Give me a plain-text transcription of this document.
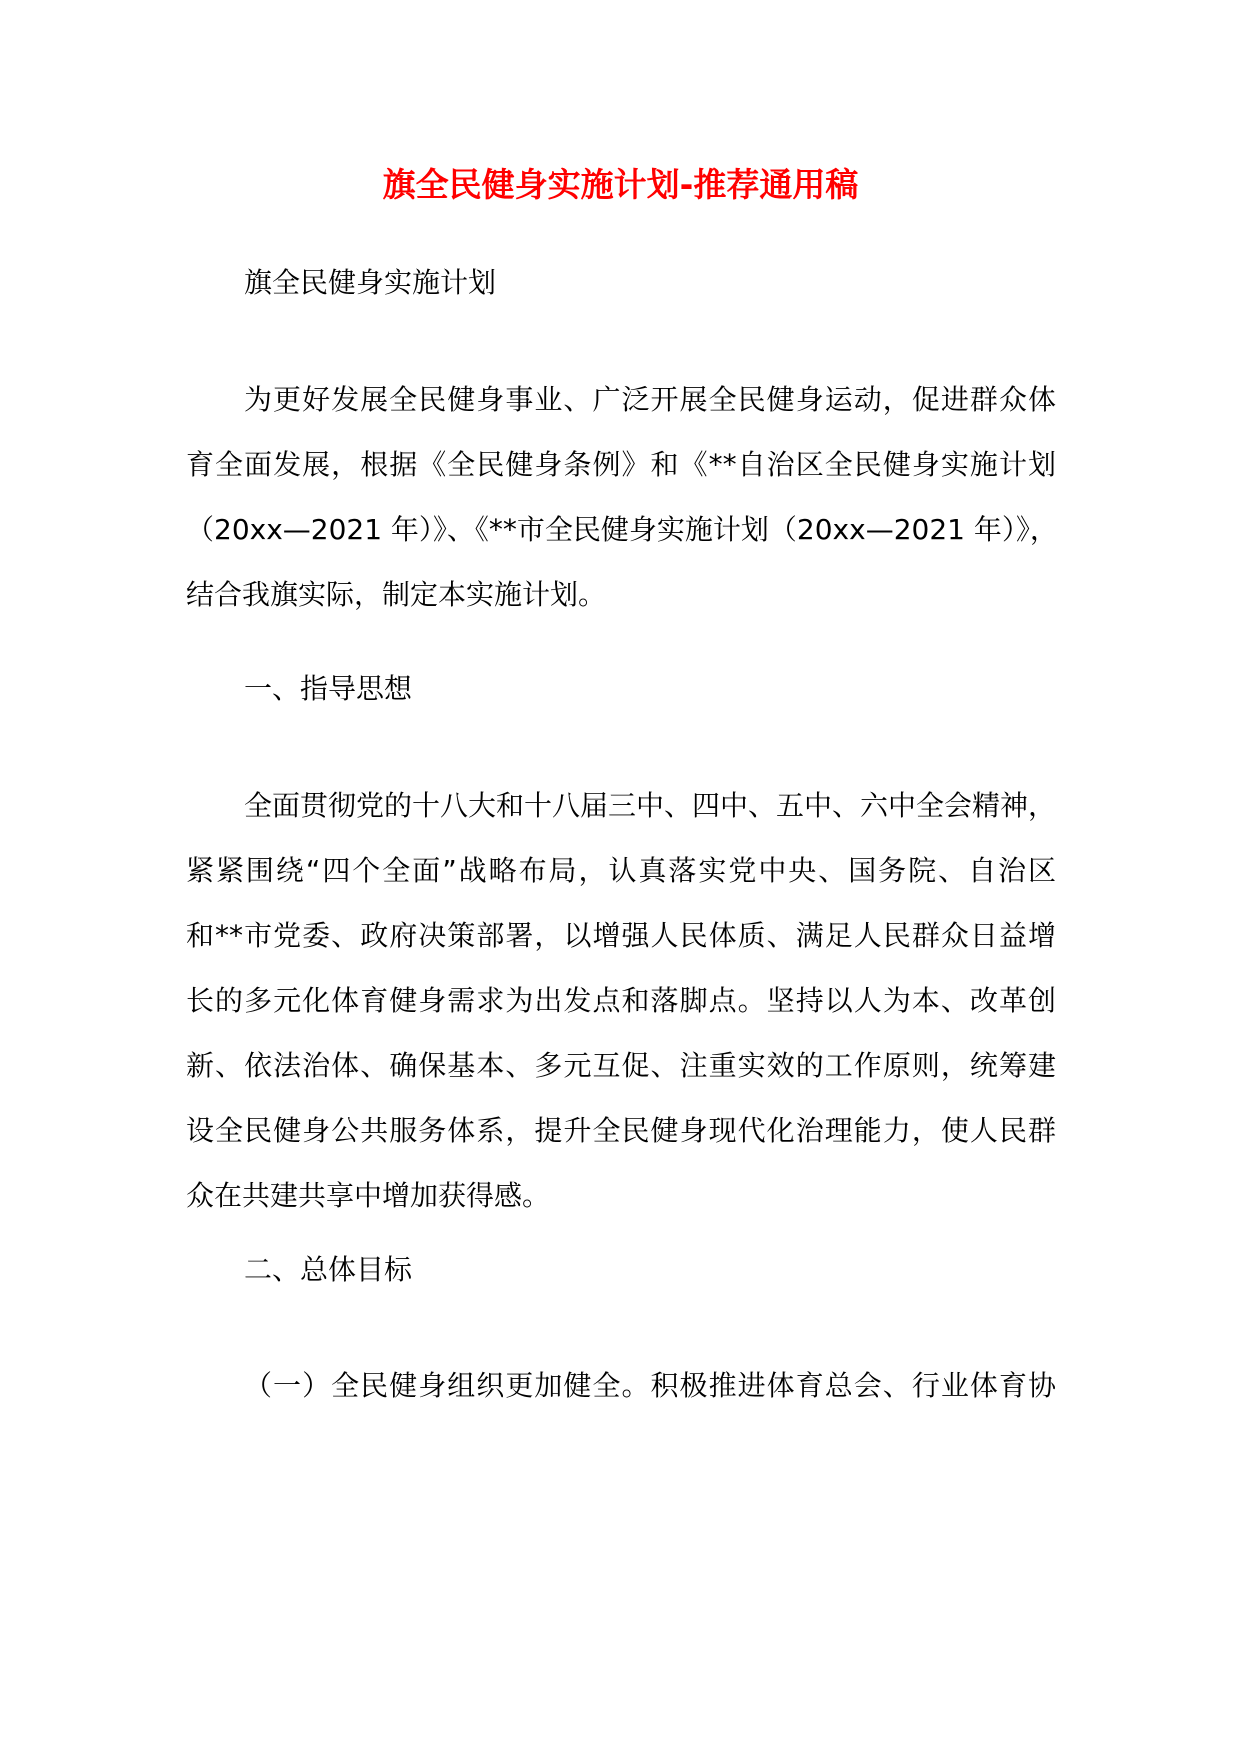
旗全民健身实施计划-推荐通用稿

旗全民健身实施计划

为更好发展全民健身事业、广泛开展全民健身运动，促进群众体
育全面发展，根据《全民健身条例》和《**自治区全民健身实施计划
（20xx—2021 年）》、《**市全民健身实施计划（20xx—2021 年）》，
结合我旗实际，制定本实施计划。

一、指导思想

全面贯彻党的十八大和十八届三中、四中、五中、六中全会精神，
紧紧围绕“四个全面”战略布局，认真落实党中央、国务院、自治区
和**市党委、政府决策部署，以增强人民体质、满足人民群众日益增
长的多元化体育健身需求为出发点和落脚点。坚持以人为本、改革创
新、依法治体、确保基本、多元互促、注重实效的工作原则，统筹建
设全民健身公共服务体系，提升全民健身现代化治理能力，使人民群
众在共建共享中增加获得感。

二、总体目标

（一）全民健身组织更加健全。积极推进体育总会、行业体育协
